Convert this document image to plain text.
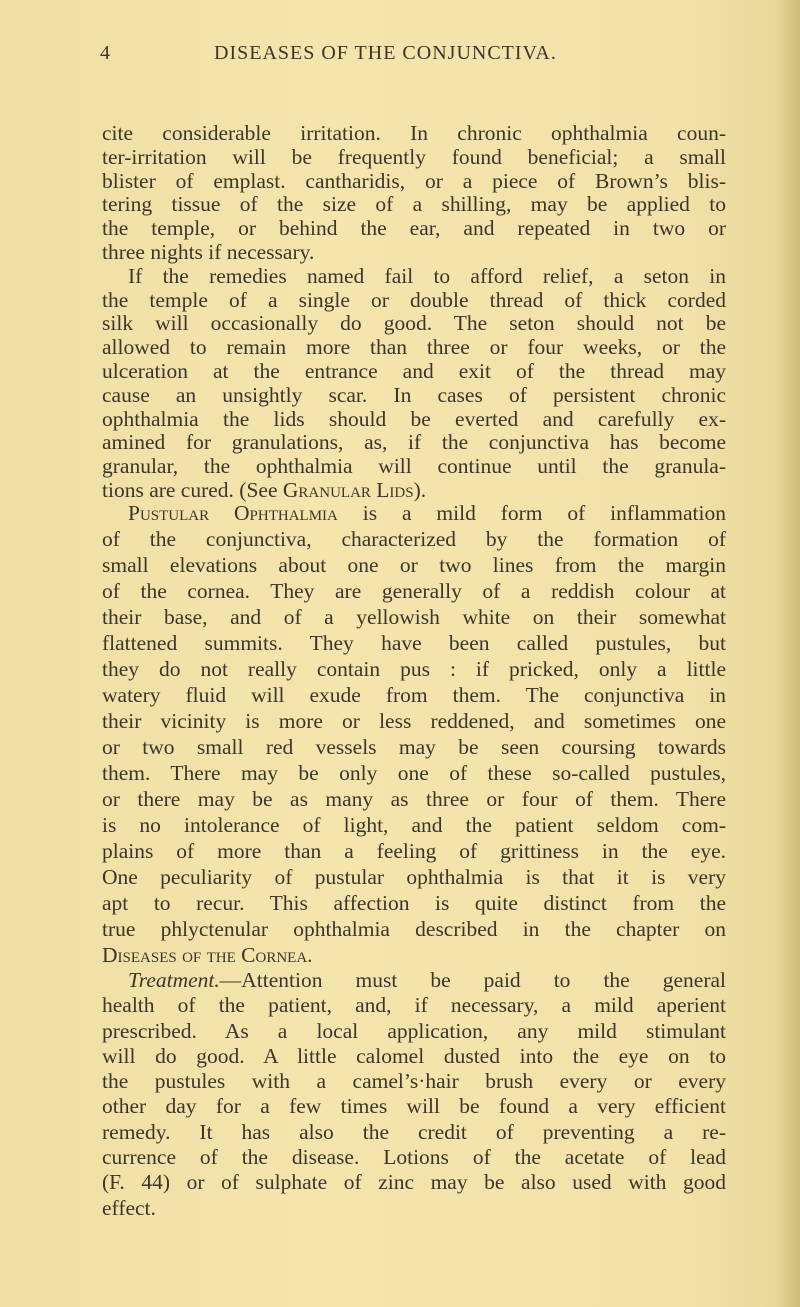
4	DISEASES OF THE CONJUNCTIVA.
cite considerable irritation. In chronic ophthalmia coun-
ter-irritation will be frequently found beneficial; a small
blister of emplast. cantharidis, or a piece of Brown’s blis-
tering tissue of the size of a shilling, may be applied to
the temple, or behind the ear, and repeated in two or
three nights if necessary.
If the remedies named fail to afford relief, a seton in
the temple of a single or double thread of thick corded
silk will occasionally do good. The seton should not be
allowed to remain more than three or four weeks, or the
ulceration at the entrance and exit of the thread may
cause an unsightly scar. In cases of persistent chronic
ophthalmia the lids should be everted and carefully ex-
amined for granulations, as, if the conjunctiva has become
granular, the ophthalmia will continue until the granula-
tions are cured. (See Granular Lids).
Pustular Ophthalmia is a mild form of inflammation
of the conjunctiva, characterized by the formation of
small elevations about one or two lines from the margin
of the cornea. They are generally of a reddish colour at
their base, and of a yellowish white on their somewhat
flattened summits. They have been called pustules, but
they do not really contain pus : if pricked, only a little
watery fluid will exude from them. The conjunctiva in
their vicinity is more or less reddened, and sometimes one
or two small red vessels may be seen coursing towards
them. There may be only one of these so-called pustules,
or there may be as many as three or four of them. There
is no intolerance of light, and the patient seldom com-
plains of more than a feeling of grittiness in the eye.
One peculiarity of pustular ophthalmia is that it is very
apt to recur. This affection is quite distinct from the
true phlyctenular ophthalmia described in the chapter on
Diseases of the Cornea.
Treatment.—Attention must be paid to the general
health of the patient, and, if necessary, a mild aperient
prescribed. As a local application, any mild stimulant
will do good. A little calomel dusted into the eye on to
the pustules with a camel’s·hair brush every or every
other day for a few times will be found a very efficient
remedy. It has also the credit of preventing a re-
currence of the disease. Lotions of the acetate of lead
(F. 44) or of sulphate of zinc may be also used with good
effect.
